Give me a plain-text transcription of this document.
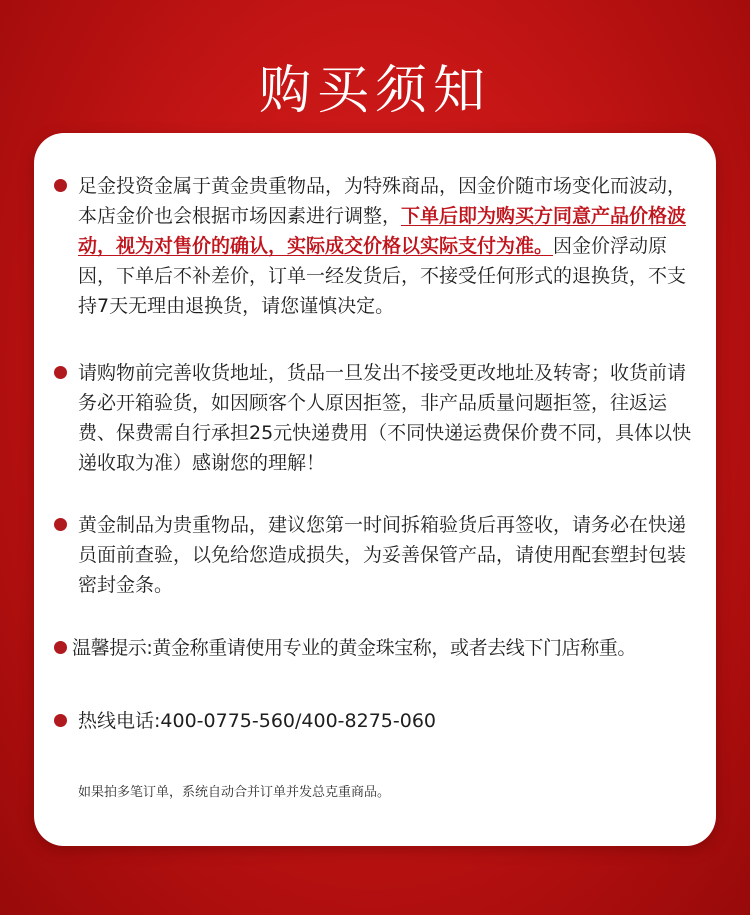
购买须知
足金投资金属于黄金贵重物品，为特殊商品，因金价随市场变化而波动，本店金价也会根据市场因素进行调整，下单后即为购买方同意产品价格波动，视为对售价的确认，实际成交价格以实际支付为准。因金价浮动原因，下单后不补差价，订单一经发货后，不接受任何形式的退换货，不支持7天无理由退换货，请您谨慎决定。
请购物前完善收货地址，货品一旦发出不接受更改地址及转寄；收货前请务必开箱验货，如因顾客个人原因拒签，非产品质量问题拒签，往返运费、保费需自行承担25元快递费用（不同快递运费保价费不同，具体以快递收取为准）感谢您的理解！
黄金制品为贵重物品，建议您第一时间拆箱验货后再签收，请务必在快递员面前查验，以免给您造成损失，为妥善保管产品，请使用配套塑封包装密封金条。
温馨提示:黄金称重请使用专业的黄金珠宝称，或者去线下门店称重。
热线电话:400-0775-560/400-8275-060
如果拍多笔订单，系统自动合并订单并发总克重商品。
